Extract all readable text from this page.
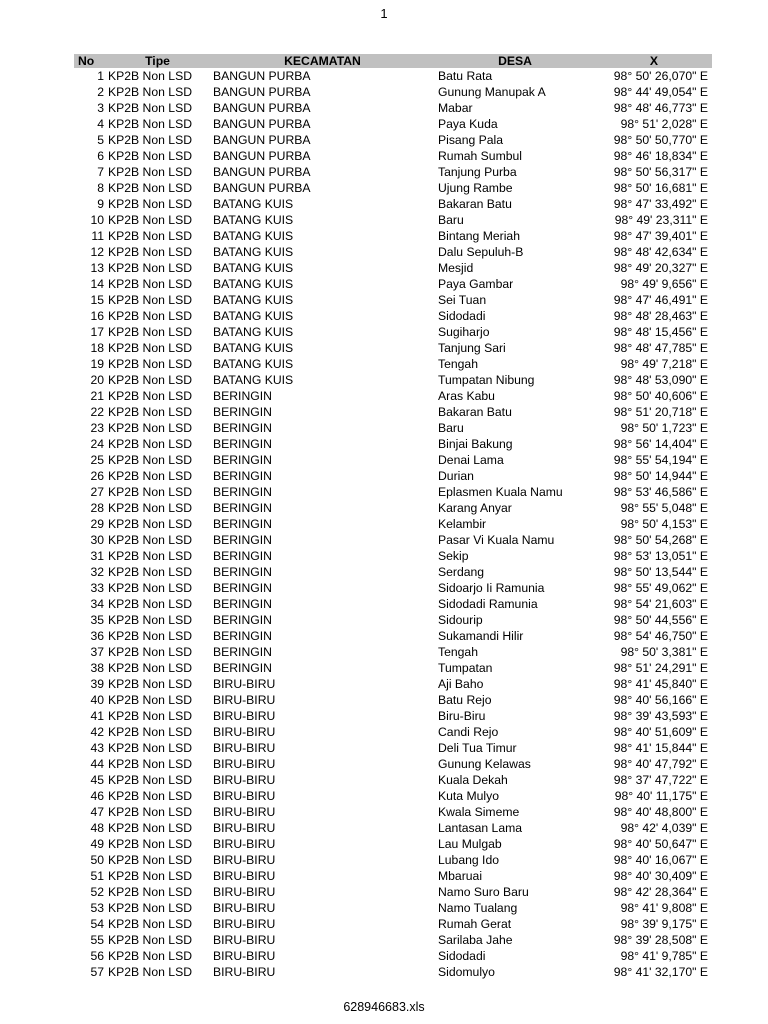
1
No	Tipe	KECAMATAN	DESA	X
1	KP2B Non LSD	BANGUN PURBA	Batu Rata	98° 50' 26,070" E
2	KP2B Non LSD	BANGUN PURBA	Gunung Manupak A	98° 44' 49,054" E
3	KP2B Non LSD	BANGUN PURBA	Mabar	98° 48' 46,773" E
4	KP2B Non LSD	BANGUN PURBA	Paya Kuda	98° 51' 2,028" E
5	KP2B Non LSD	BANGUN PURBA	Pisang Pala	98° 50' 50,770" E
6	KP2B Non LSD	BANGUN PURBA	Rumah Sumbul	98° 46' 18,834" E
7	KP2B Non LSD	BANGUN PURBA	Tanjung Purba	98° 50' 56,317" E
8	KP2B Non LSD	BANGUN PURBA	Ujung Rambe	98° 50' 16,681" E
9	KP2B Non LSD	BATANG KUIS	Bakaran Batu	98° 47' 33,492" E
10	KP2B Non LSD	BATANG KUIS	Baru	98° 49' 23,311" E
11	KP2B Non LSD	BATANG KUIS	Bintang Meriah	98° 47' 39,401" E
12	KP2B Non LSD	BATANG KUIS	Dalu Sepuluh-B	98° 48' 42,634" E
13	KP2B Non LSD	BATANG KUIS	Mesjid	98° 49' 20,327" E
14	KP2B Non LSD	BATANG KUIS	Paya Gambar	98° 49' 9,656" E
15	KP2B Non LSD	BATANG KUIS	Sei Tuan	98° 47' 46,491" E
16	KP2B Non LSD	BATANG KUIS	Sidodadi	98° 48' 28,463" E
17	KP2B Non LSD	BATANG KUIS	Sugiharjo	98° 48' 15,456" E
18	KP2B Non LSD	BATANG KUIS	Tanjung Sari	98° 48' 47,785" E
19	KP2B Non LSD	BATANG KUIS	Tengah	98° 49' 7,218" E
20	KP2B Non LSD	BATANG KUIS	Tumpatan Nibung	98° 48' 53,090" E
21	KP2B Non LSD	BERINGIN	Aras Kabu	98° 50' 40,606" E
22	KP2B Non LSD	BERINGIN	Bakaran Batu	98° 51' 20,718" E
23	KP2B Non LSD	BERINGIN	Baru	98° 50' 1,723" E
24	KP2B Non LSD	BERINGIN	Binjai Bakung	98° 56' 14,404" E
25	KP2B Non LSD	BERINGIN	Denai Lama	98° 55' 54,194" E
26	KP2B Non LSD	BERINGIN	Durian	98° 50' 14,944" E
27	KP2B Non LSD	BERINGIN	Eplasmen Kuala Namu	98° 53' 46,586" E
28	KP2B Non LSD	BERINGIN	Karang Anyar	98° 55' 5,048" E
29	KP2B Non LSD	BERINGIN	Kelambir	98° 50' 4,153" E
30	KP2B Non LSD	BERINGIN	Pasar Vi Kuala Namu	98° 50' 54,268" E
31	KP2B Non LSD	BERINGIN	Sekip	98° 53' 13,051" E
32	KP2B Non LSD	BERINGIN	Serdang	98° 50' 13,544" E
33	KP2B Non LSD	BERINGIN	Sidoarjo Ii Ramunia	98° 55' 49,062" E
34	KP2B Non LSD	BERINGIN	Sidodadi Ramunia	98° 54' 21,603" E
35	KP2B Non LSD	BERINGIN	Sidourip	98° 50' 44,556" E
36	KP2B Non LSD	BERINGIN	Sukamandi Hilir	98° 54' 46,750" E
37	KP2B Non LSD	BERINGIN	Tengah	98° 50' 3,381" E
38	KP2B Non LSD	BERINGIN	Tumpatan	98° 51' 24,291" E
39	KP2B Non LSD	BIRU-BIRU	Aji Baho	98° 41' 45,840" E
40	KP2B Non LSD	BIRU-BIRU	Batu Rejo	98° 40' 56,166" E
41	KP2B Non LSD	BIRU-BIRU	Biru-Biru	98° 39' 43,593" E
42	KP2B Non LSD	BIRU-BIRU	Candi Rejo	98° 40' 51,609" E
43	KP2B Non LSD	BIRU-BIRU	Deli Tua Timur	98° 41' 15,844" E
44	KP2B Non LSD	BIRU-BIRU	Gunung Kelawas	98° 40' 47,792" E
45	KP2B Non LSD	BIRU-BIRU	Kuala Dekah	98° 37' 47,722" E
46	KP2B Non LSD	BIRU-BIRU	Kuta Mulyo	98° 40' 11,175" E
47	KP2B Non LSD	BIRU-BIRU	Kwala Simeme	98° 40' 48,800" E
48	KP2B Non LSD	BIRU-BIRU	Lantasan Lama	98° 42' 4,039" E
49	KP2B Non LSD	BIRU-BIRU	Lau Mulgab	98° 40' 50,647" E
50	KP2B Non LSD	BIRU-BIRU	Lubang Ido	98° 40' 16,067" E
51	KP2B Non LSD	BIRU-BIRU	Mbaruai	98° 40' 30,409" E
52	KP2B Non LSD	BIRU-BIRU	Namo Suro Baru	98° 42' 28,364" E
53	KP2B Non LSD	BIRU-BIRU	Namo Tualang	98° 41' 9,808" E
54	KP2B Non LSD	BIRU-BIRU	Rumah Gerat	98° 39' 9,175" E
55	KP2B Non LSD	BIRU-BIRU	Sarilaba Jahe	98° 39' 28,508" E
56	KP2B Non LSD	BIRU-BIRU	Sidodadi	98° 41' 9,785" E
57	KP2B Non LSD	BIRU-BIRU	Sidomulyo	98° 41' 32,170" E
628946683.xls
